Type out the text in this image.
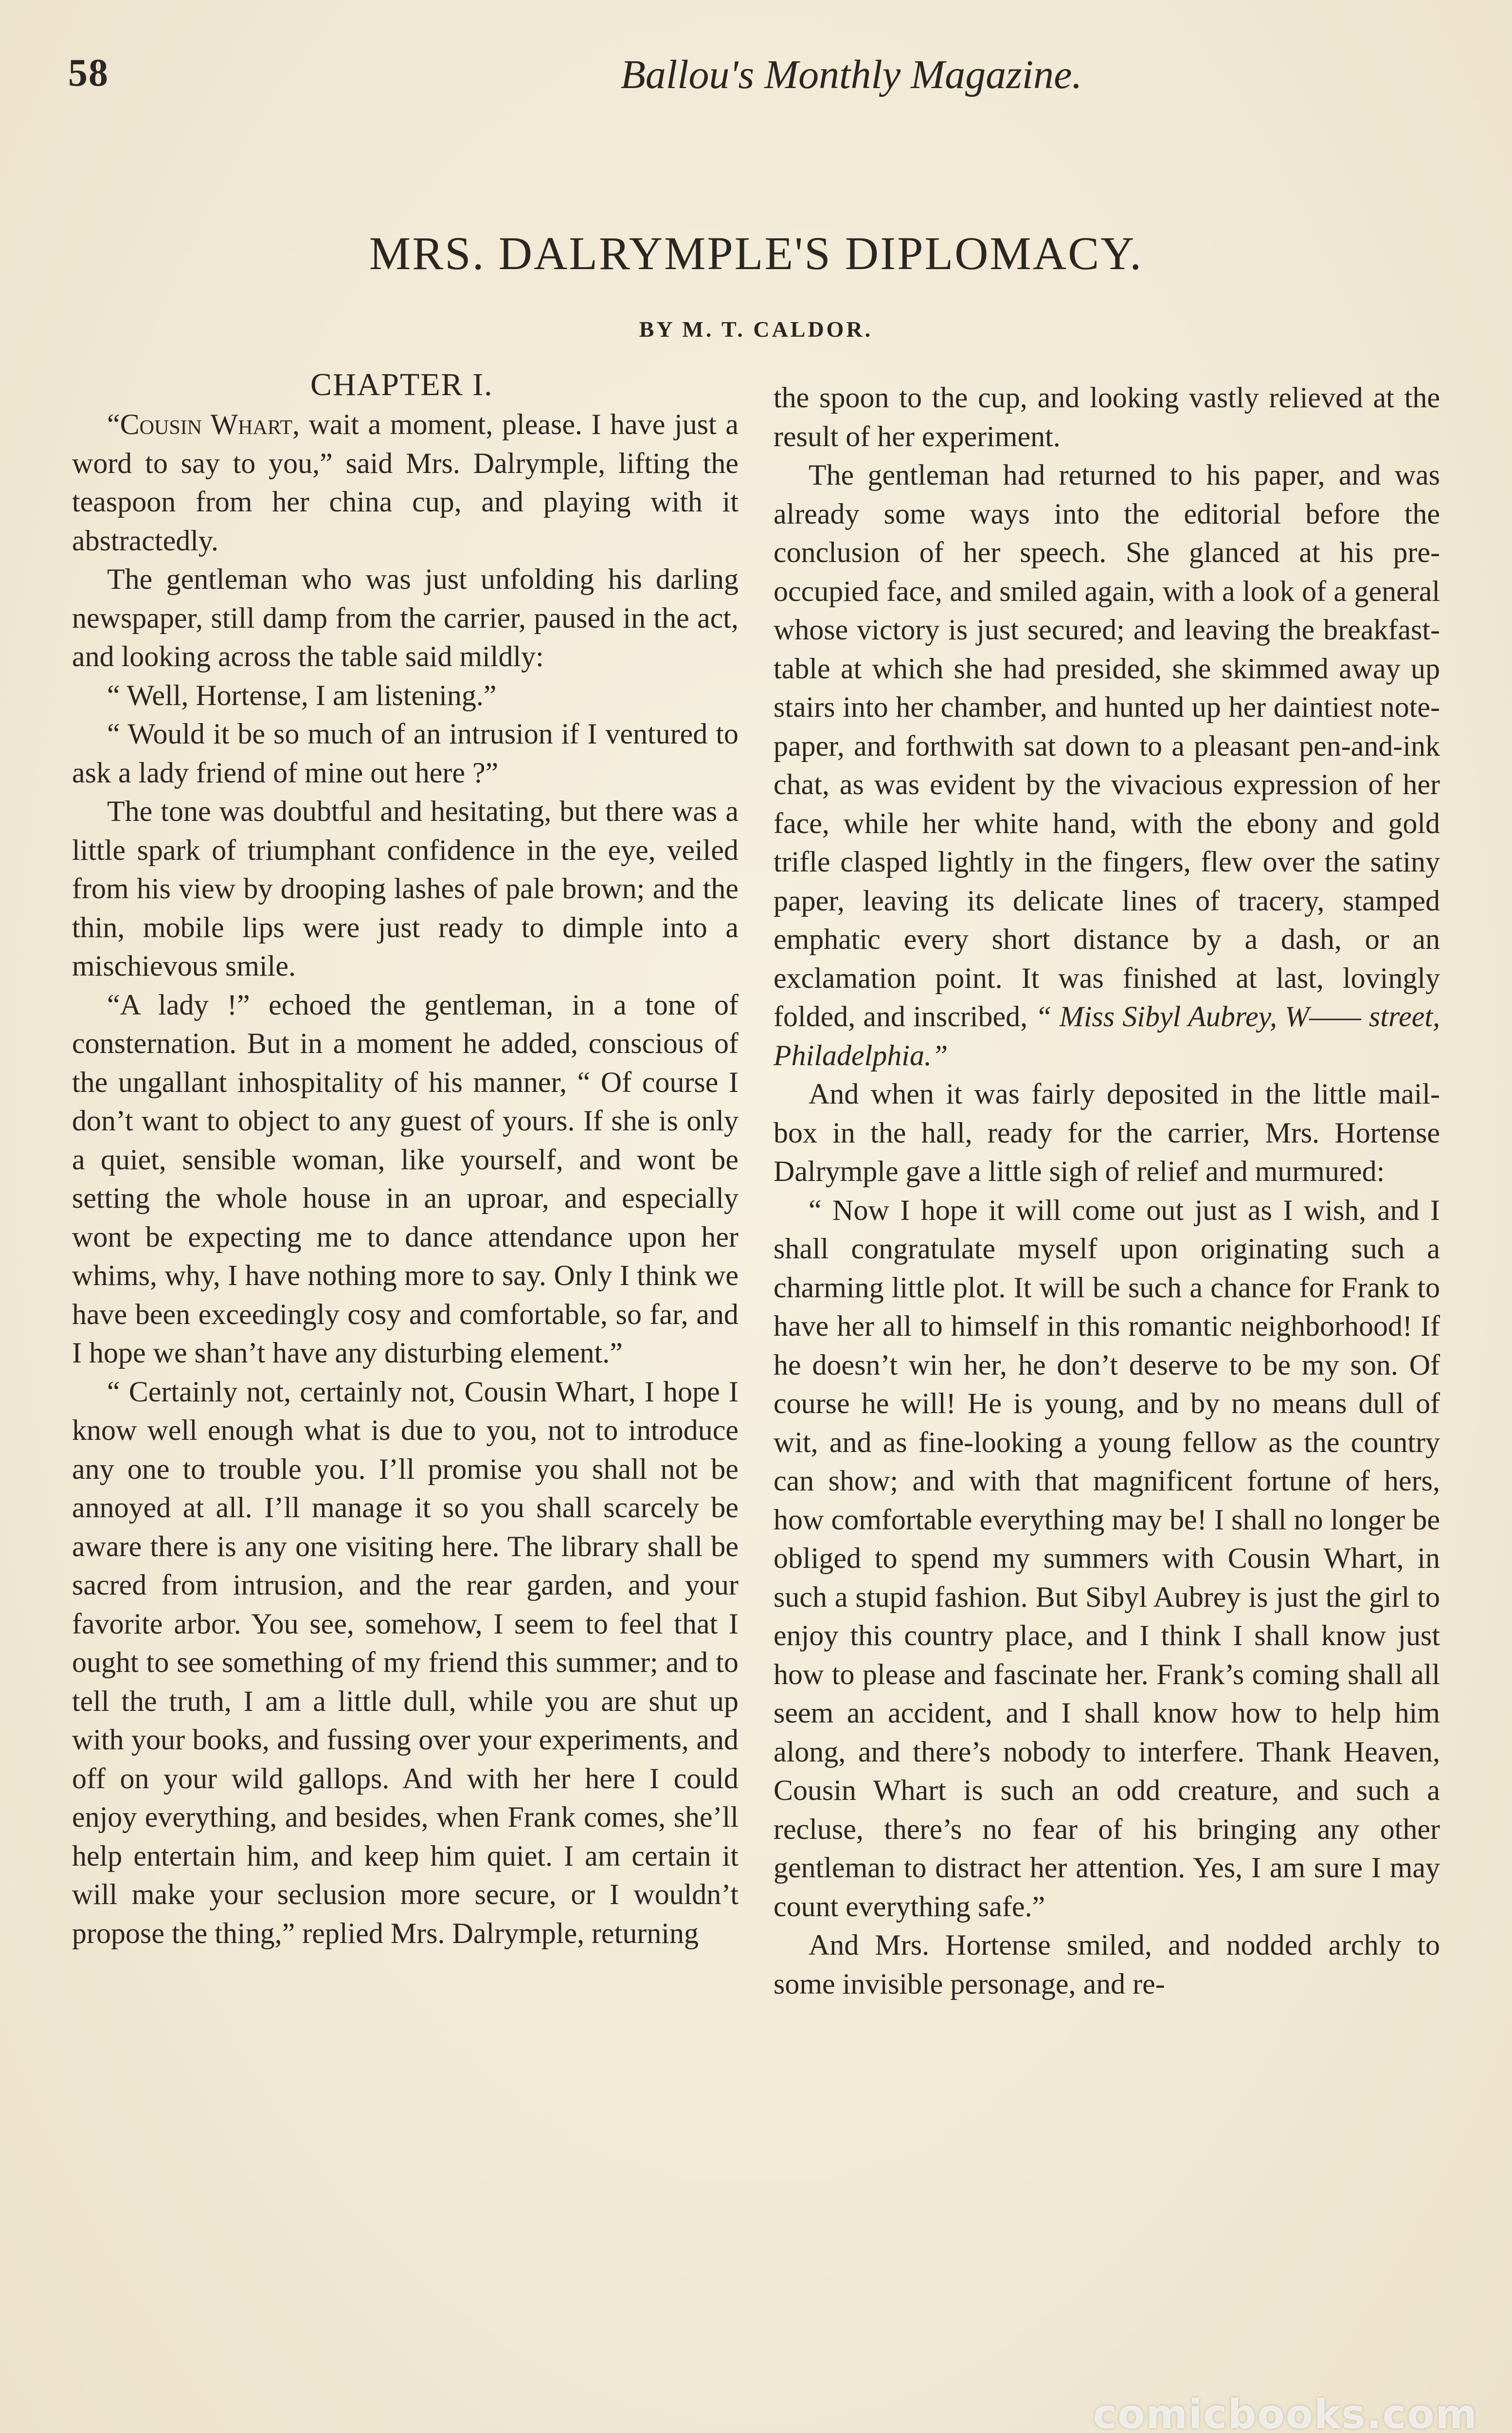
58	Ballou's Monthly Magazine.
MRS. DALRYMPLE'S DIPLOMACY.
BY M. T. CALDOR.
CHAPTER I.

“Cousin Whart, wait a moment, please. I have just a word to say to you,” said Mrs. Dalrymple, lifting the teaspoon from her china cup, and playing with it abstractedly.

The gentleman who was just unfolding his darling newspaper, still damp from the carrier, paused in the act, and looking across the table said mildly:

“ Well, Hortense, I am listening.”

“ Would it be so much of an intrusion if I ventured to ask a lady friend of mine out here ?”

The tone was doubtful and hesitating, but there was a little spark of triumphant confidence in the eye, veiled from his view by drooping lashes of pale brown; and the thin, mobile lips were just ready to dimple into a mischievous smile.

“A lady !” echoed the gentleman, in a tone of consternation. But in a moment he added, conscious of the ungallant inhospitality of his manner, “ Of course I don’t want to object to any guest of yours. If she is only a quiet, sensible woman, like yourself, and wont be setting the whole house in an uproar, and especially wont be expecting me to dance attendance upon her whims, why, I have nothing more to say. Only I think we have been exceedingly cosy and comfortable, so far, and I hope we shan’t have any disturbing element.”

“ Certainly not, certainly not, Cousin Whart, I hope I know well enough what is due to you, not to introduce any one to trouble you. I’ll promise you shall not be annoyed at all. I’ll manage it so you shall scarcely be aware there is any one visiting here. The library shall be sacred from intrusion, and the rear garden, and your favorite arbor. You see, somehow, I seem to feel that I ought to see something of my friend this summer; and to tell the truth, I am a little dull, while you are shut up with your books, and fussing over your experiments, and off on your wild gallops. And with her here I could enjoy everything, and besides, when Frank comes, she’ll help entertain him, and keep him quiet. I am certain it will make your seclusion more secure, or I wouldn’t propose the thing,” replied Mrs. Dalrymple, returning

the spoon to the cup, and looking vastly relieved at the result of her experiment.

The gentleman had returned to his paper, and was already some ways into the editorial before the conclusion of her speech. She glanced at his pre-occupied face, and smiled again, with a look of a general whose victory is just secured; and leaving the breakfast-table at which she had presided, she skimmed away up stairs into her chamber, and hunted up her daintiest note-paper, and forthwith sat down to a pleasant pen-and-ink chat, as was evident by the vivacious expression of her face, while her white hand, with the ebony and gold trifle clasped lightly in the fingers, flew over the satiny paper, leaving its delicate lines of tracery, stamped emphatic every short distance by a dash, or an exclamation point. It was finished at last, lovingly folded, and inscribed, “ Miss Sibyl Aubrey, W—— street, Philadelphia.”

And when it was fairly deposited in the little mail-box in the hall, ready for the carrier, Mrs. Hortense Dalrymple gave a little sigh of relief and murmured:

“ Now I hope it will come out just as I wish, and I shall congratulate myself upon originating such a charming little plot. It will be such a chance for Frank to have her all to himself in this romantic neighborhood! If he doesn’t win her, he don’t deserve to be my son. Of course he will! He is young, and by no means dull of wit, and as fine-looking a young fellow as the country can show; and with that magnificent fortune of hers, how comfortable everything may be! I shall no longer be obliged to spend my summers with Cousin Whart, in such a stupid fashion. But Sibyl Aubrey is just the girl to enjoy this country place, and I think I shall know just how to please and fascinate her. Frank’s coming shall all seem an accident, and I shall know how to help him along, and there’s nobody to interfere. Thank Heaven, Cousin Whart is such an odd creature, and such a recluse, there’s no fear of his bringing any other gentleman to distract her attention. Yes, I am sure I may count everything safe.”

And Mrs. Hortense smiled, and nodded archly to some invisible personage, and re-

comicbooks.com
